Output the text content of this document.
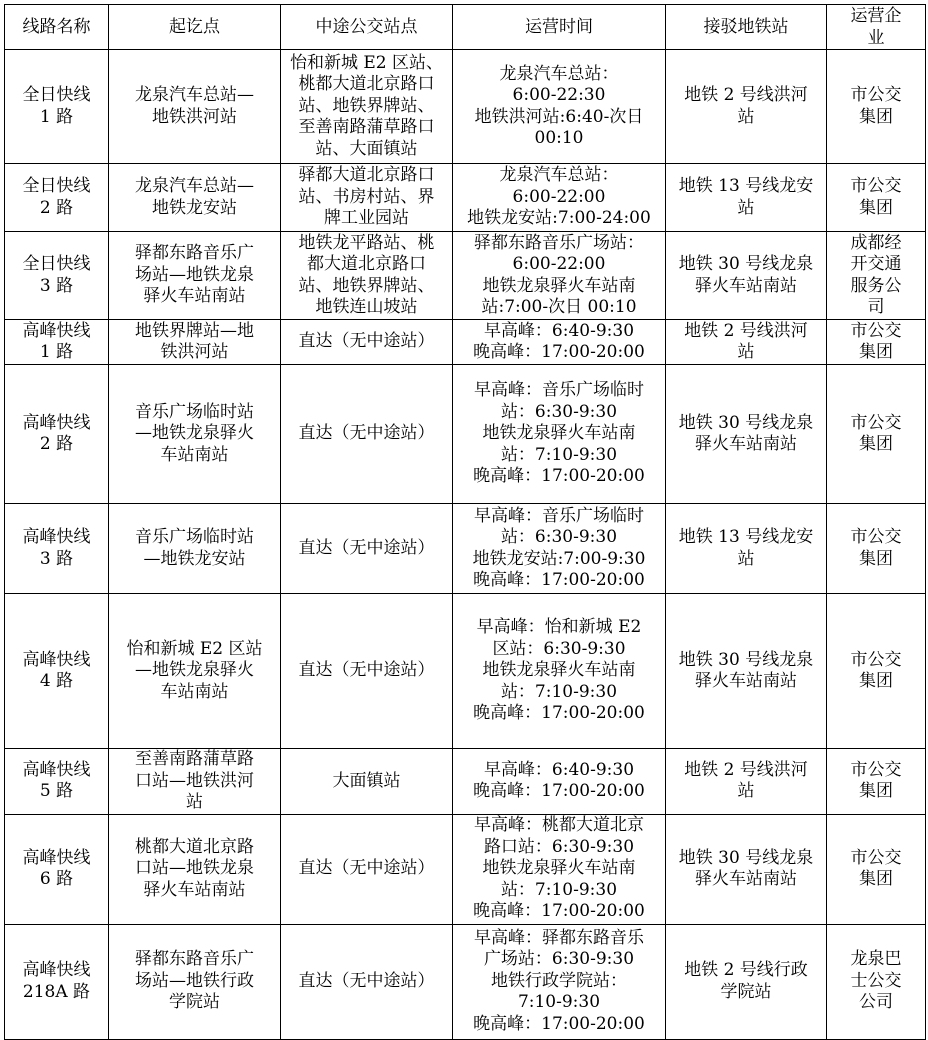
线路名称	起讫点	中途公交站点	运营时间	接驳地铁站	运营企
业

全日快线
1 路	龙泉汽车总站—
地铁洪河站	怡和新城 E2 区站、
桃都大道北京路口
站、地铁界牌站、
至善南路蒲草路口
站、大面镇站	龙泉汽车总站：
6:00-22:30
地铁洪河站:6:40-次日
00:10	地铁 2 号线洪河
站	市公交
集团

全日快线
2 路	龙泉汽车总站—
地铁龙安站	驿都大道北京路口
站、书房村站、界
牌工业园站	龙泉汽车总站：
6:00-22:00
地铁龙安站:7:00-24:00	地铁 13 号线龙安
站	市公交
集团

全日快线
3 路	驿都东路音乐广
场站—地铁龙泉
驿火车站南站	地铁龙平路站、桃
都大道北京路口
站、地铁界牌站、
地铁连山坡站	驿都东路音乐广场站：
6:00-22:00
地铁龙泉驿火车站南
站:7:00-次日 00:10	地铁 30 号线龙泉
驿火车站南站	成都经
开交通
服务公
司

高峰快线
1 路	地铁界牌站—地
铁洪河站	直达（无中途站）	早高峰：6:40-9:30
晚高峰：17:00-20:00	地铁 2 号线洪河
站	市公交
集团

高峰快线
2 路	音乐广场临时站
—地铁龙泉驿火
车站南站	直达（无中途站）	早高峰：音乐广场临时
站：6:30-9:30
地铁龙泉驿火车站南
站：7:10-9:30
晚高峰：17:00-20:00	地铁 30 号线龙泉
驿火车站南站	市公交
集团

高峰快线
3 路	音乐广场临时站
—地铁龙安站	直达（无中途站）	早高峰：音乐广场临时
站：6:30-9:30
地铁龙安站:7:00-9:30
晚高峰：17:00-20:00	地铁 13 号线龙安
站	市公交
集团

高峰快线
4 路	怡和新城 E2 区站
—地铁龙泉驿火
车站南站	直达（无中途站）	早高峰：怡和新城 E2
区站：6:30-9:30
地铁龙泉驿火车站南
站：7:10-9:30
晚高峰：17:00-20:00	地铁 30 号线龙泉
驿火车站南站	市公交
集团

高峰快线
5 路	至善南路蒲草路
口站—地铁洪河
站	大面镇站	早高峰：6:40-9:30
晚高峰：17:00-20:00	地铁 2 号线洪河
站	市公交
集团

高峰快线
6 路	桃都大道北京路
口站—地铁龙泉
驿火车站南站	直达（无中途站）	早高峰：桃都大道北京
路口站：6:30-9:30
地铁龙泉驿火车站南
站：7:10-9:30
晚高峰：17:00-20:00	地铁 30 号线龙泉
驿火车站南站	市公交
集团

高峰快线
218A 路	驿都东路音乐广
场站—地铁行政
学院站	直达（无中途站）	早高峰：驿都东路音乐
广场站：6:30-9:30
地铁行政学院站：
7:10-9:30
晚高峰：17:00-20:00	地铁 2 号线行政
学院站	龙泉巴
士公交
公司
